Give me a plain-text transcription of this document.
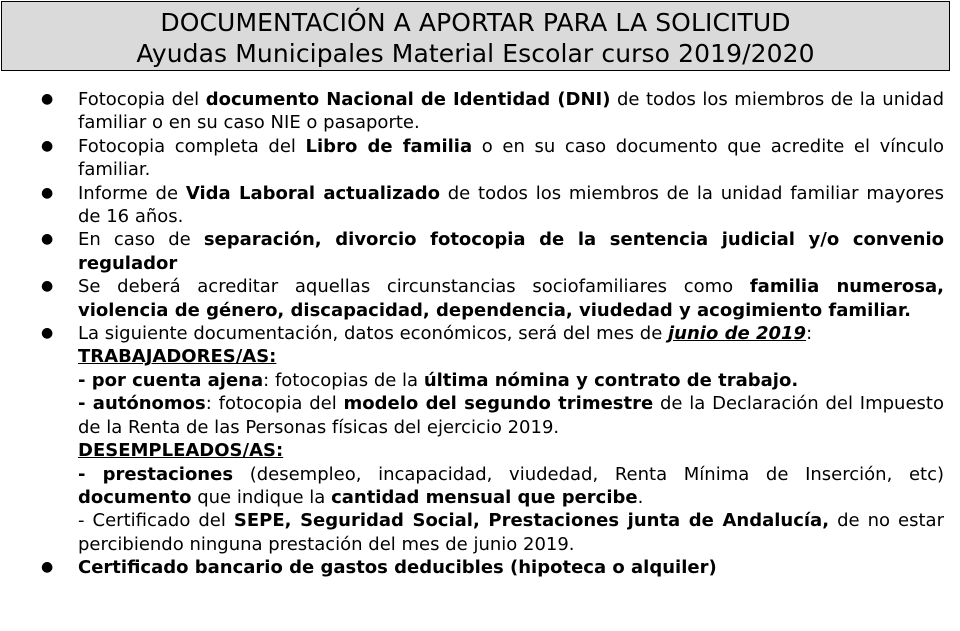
DOCUMENTACIÓN A APORTAR PARA LA SOLICITUD
Ayudas Municipales Material Escolar curso 2019/2020
● Fotocopia del documento Nacional de Identidad (DNI) de todos los miembros de la unidad familiar o en su caso NIE o pasaporte.
● Fotocopia completa del Libro de familia o en su caso documento que acredite el vínculo familiar.
● Informe de Vida Laboral actualizado de todos los miembros de la unidad familiar mayores de 16 años.
● En caso de separación, divorcio fotocopia de la sentencia judicial y/o convenio regulador
● Se deberá acreditar aquellas circunstancias sociofamiliares como familia numerosa, violencia de género, discapacidad, dependencia, viudedad y acogimiento familiar.
● La siguiente documentación, datos económicos, será del mes de junio de 2019:
TRABAJADORES/AS:
- por cuenta ajena: fotocopias de la última nómina y contrato de trabajo.
- autónomos: fotocopia del modelo del segundo trimestre de la Declaración del Impuesto de la Renta de las Personas físicas del ejercicio 2019.
DESEMPLEADOS/AS:
- prestaciones (desempleo, incapacidad, viudedad, Renta Mínima de Inserción, etc) documento que indique la cantidad mensual que percibe.
- Certificado del SEPE, Seguridad Social, Prestaciones junta de Andalucía, de no estar percibiendo ninguna prestación del mes de junio 2019.
● Certificado bancario de gastos deducibles (hipoteca o alquiler)
